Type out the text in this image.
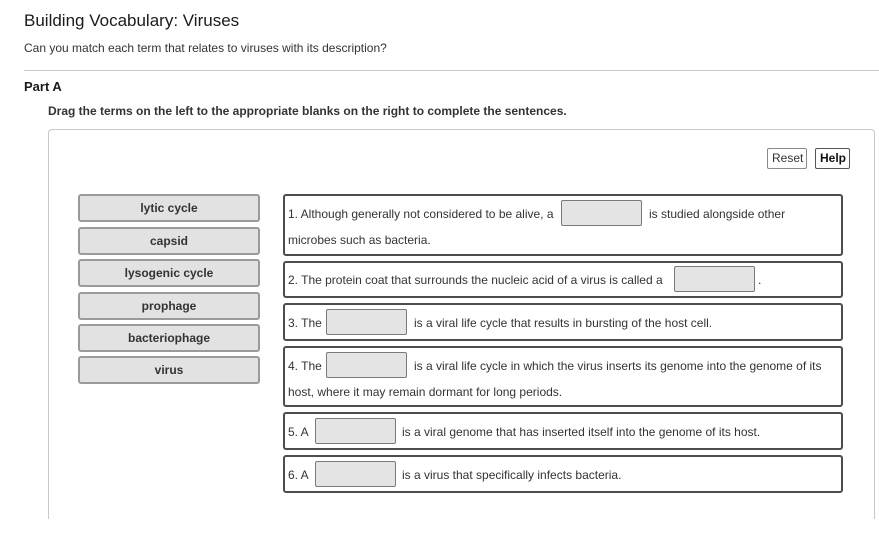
Building Vocabulary: Viruses
Can you match each term that relates to viruses with its description?
Part A
Drag the terms on the left to the appropriate blanks on the right to complete the sentences.
Reset	Help
lytic cycle
capsid
lysogenic cycle
prophage
bacteriophage
virus
1. Although generally not considered to be alive, a	is studied alongside other
microbes such as bacteria.
2. The protein coat that surrounds the nucleic acid of a virus is called a	.
3. The	is a viral life cycle that results in bursting of the host cell.
4. The	is a viral life cycle in which the virus inserts its genome into the genome of its
host, where it may remain dormant for long periods.
5. A	is a viral genome that has inserted itself into the genome of its host.
6. A	is a virus that specifically infects bacteria.
